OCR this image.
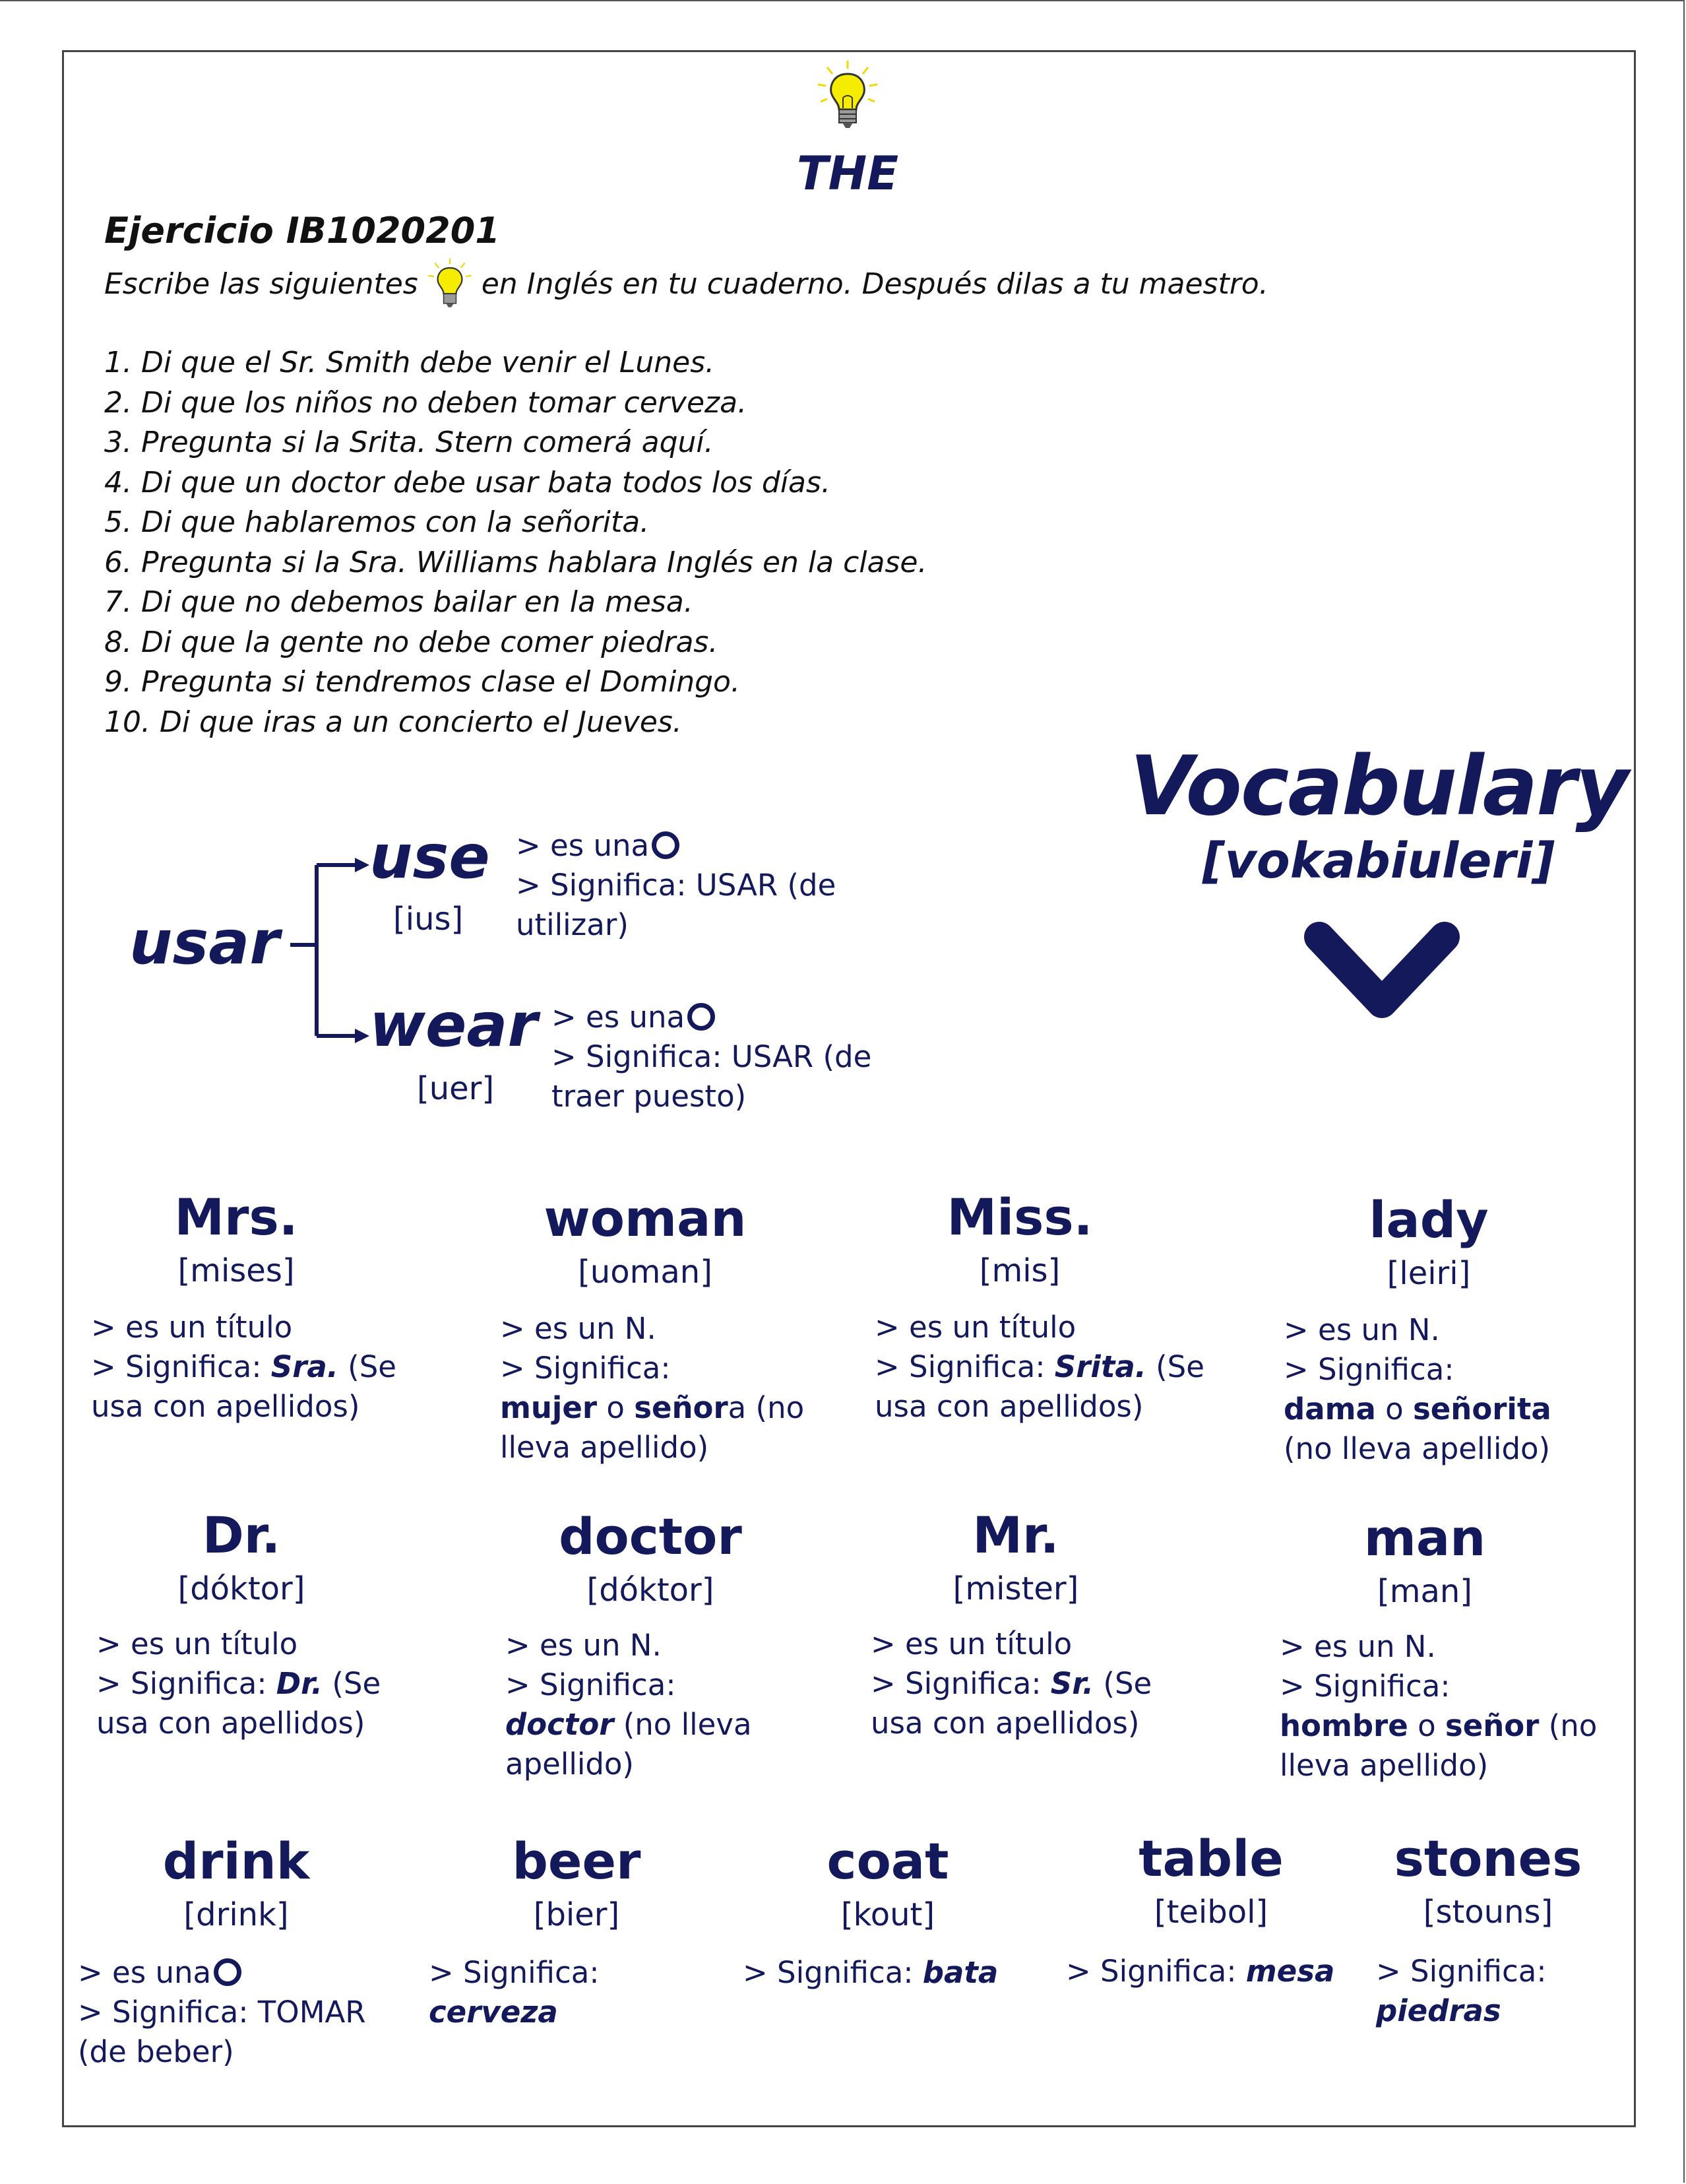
THE
Ejercicio IB1020201
Escribe las siguientes en Inglés en tu cuaderno. Después dilas a tu maestro.
1. Di que el Sr. Smith debe venir el Lunes.
2. Di que los niños no deben tomar cerveza.
3. Pregunta si la Srita. Stern comerá aquí.
4. Di que un doctor debe usar bata todos los días.
5. Di que hablaremos con la señorita.
6. Pregunta si la Sra. Williams hablara Inglés en la clase.
7. Di que no debemos bailar en la mesa.
8. Di que la gente no debe comer piedras.
9. Pregunta si tendremos clase el Domingo.
10. Di que iras a un concierto el Jueves.
Vocabulary
[vokabiuleri]
usar
use
[ius]
> es una
> Significa: USAR (de
utilizar)
wear
[uer]
> es una
> Significa: USAR (de
traer puesto)
Mrs.
[mises]
> es un título
> Significa: Sra. (Se
usa con apellidos)
woman
[uoman]
> es un N.
> Significa:
mujer o señora (no
lleva apellido)
Miss.
[mis]
> es un título
> Significa: Srita. (Se
usa con apellidos)
lady
[leiri]
> es un N.
> Significa:
dama o señorita
(no lleva apellido)
Dr.
[dóktor]
> es un título
> Significa: Dr. (Se
usa con apellidos)
doctor
[dóktor]
> es un N.
> Significa:
doctor (no lleva
apellido)
Mr.
[mister]
> es un título
> Significa: Sr. (Se
usa con apellidos)
man
[man]
> es un N.
> Significa:
hombre o señor (no
lleva apellido)
drink
[drink]
> es una
> Significa: TOMAR
(de beber)
beer
[bier]
> Significa:
cerveza
coat
[kout]
> Significa: bata
table
[teibol]
> Significa: mesa
stones
[stouns]
> Significa:
piedras
